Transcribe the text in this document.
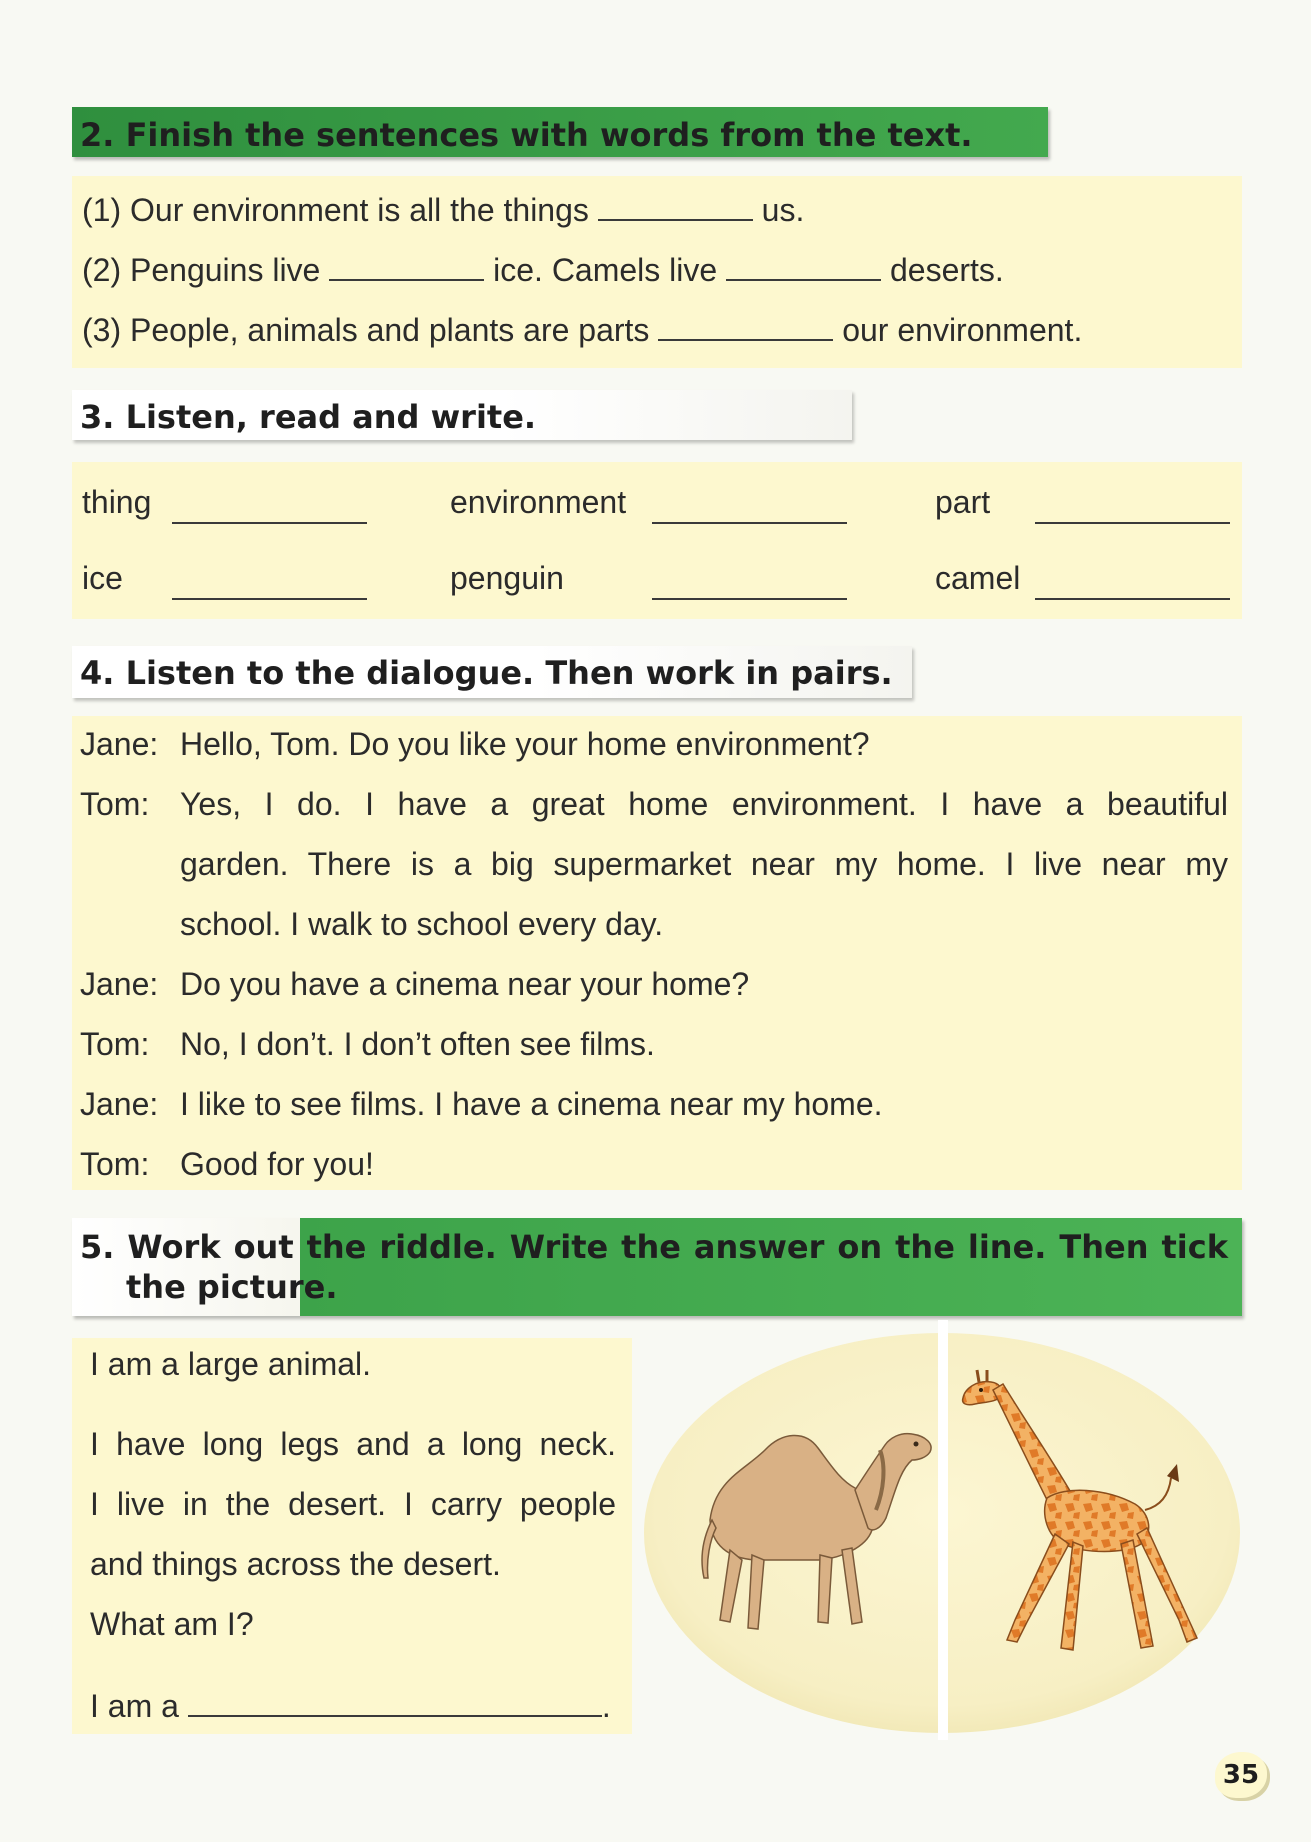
2. Finish the sentences with words from the text.
(1) Our environment is all the things	us.
(2) Penguins live	ice. Camels live	deserts.
(3) People, animals and plants are parts	our environment.
3. Listen, read and write.
thing	environment	part
ice	penguin	camel
4. Listen to the dialogue. Then work in pairs.
Jane: Hello, Tom. Do you like your home environment?
Tom: Yes, I do. I have a great home environment. I have a beautiful
garden. There is a big supermarket near my home. I live near my
school. I walk to school every day.
Jane: Do you have a cinema near your home?
Tom: No, I don’t. I don’t often see films.
Jane: I like to see films. I have a cinema near my home.
Tom: Good for you!
5. Work out the riddle. Write the answer on the line. Then tick
the picture.
I am a large animal.
I have long legs and a long neck.
I live in the desert. I carry people
and things across the desert.
What am I?
I am a	.
35
